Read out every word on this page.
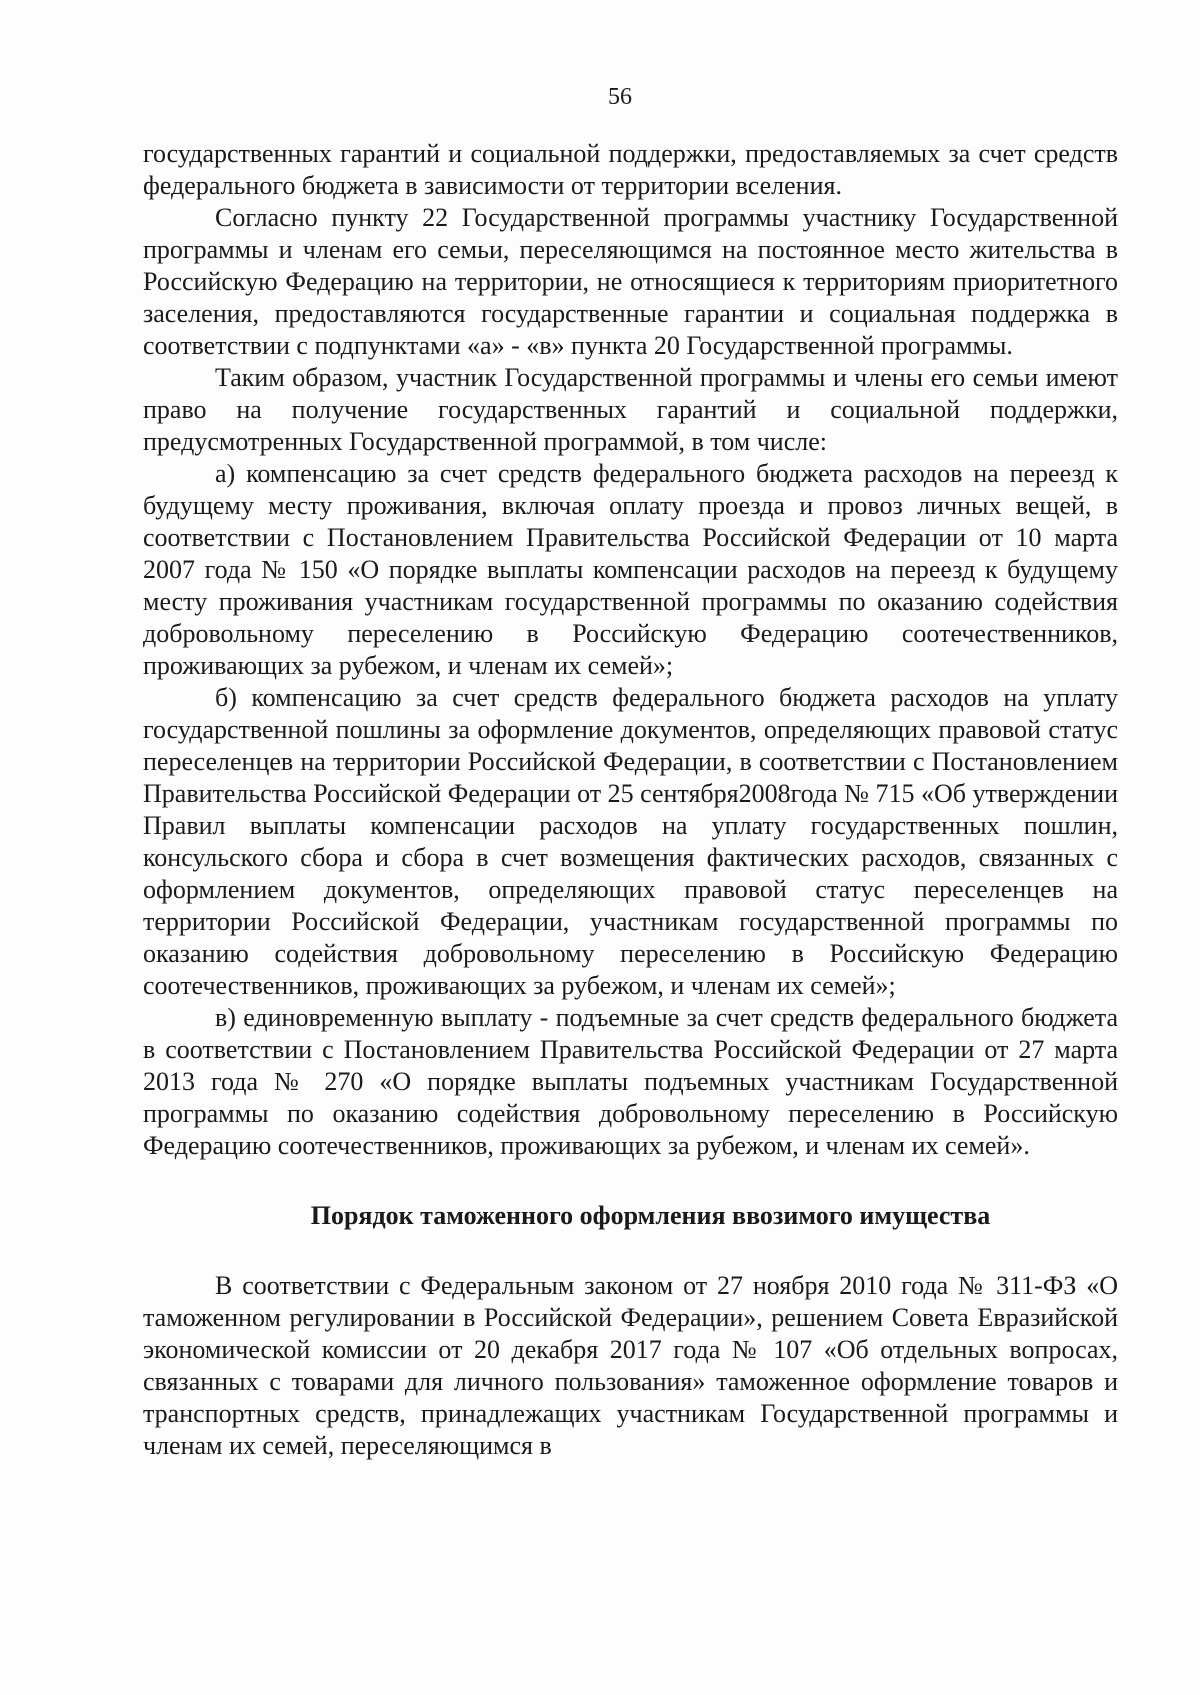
56

государственных гарантий и социальной поддержки, предоставляемых за счет средств федерального бюджета в зависимости от территории вселения.

Согласно пункту 22 Государственной программы участнику Государственной программы и членам его семьи, переселяющимся на постоянное место жительства в Российскую Федерацию на территории, не относящиеся к территориям приоритетного заселения, предоставляются государственные гарантии и социальная поддержка в соответствии с подпунктами «а» - «в» пункта 20 Государственной программы.

Таким образом, участник Государственной программы и члены его семьи имеют право на получение государственных гарантий и социальной поддержки, предусмотренных Государственной программой, в том числе:

а) компенсацию за счет средств федерального бюджета расходов на переезд к будущему месту проживания, включая оплату проезда и провоз личных вещей, в соответствии с Постановлением Правительства Российской Федерации от 10 марта 2007 года № 150 «О порядке выплаты компенсации расходов на переезд к будущему месту проживания участникам государственной программы по оказанию содействия добровольному переселению в Российскую Федерацию соотечественников, проживающих за рубежом, и членам их семей»;

б) компенсацию за счет средств федерального бюджета расходов на уплату государственной пошлины за оформление документов, определяющих правовой статус переселенцев на территории Российской Федерации, в соответствии с Постановлением Правительства Российской Федерации от 25 сентября2008года № 715 «Об утверждении Правил выплаты компенсации расходов на уплату государственных пошлин, консульского сбора и сбора в счет возмещения фактических расходов, связанных с оформлением документов, определяющих правовой статус переселенцев на территории Российской Федерации, участникам государственной программы по оказанию содействия добровольному переселению в Российскую Федерацию соотечественников, проживающих за рубежом, и членам их семей»;

в) единовременную выплату - подъемные за счет средств федерального бюджета в соответствии с Постановлением Правительства Российской Федерации от 27 марта 2013 года № 270 «О порядке выплаты подъемных участникам Государственной программы по оказанию содействия добровольному переселению в Российскую Федерацию соотечественников, проживающих за рубежом, и членам их семей».

Порядок таможенного оформления ввозимого имущества

В соответствии с Федеральным законом от 27 ноября 2010 года № 311-ФЗ «О таможенном регулировании в Российской Федерации», решением Совета Евразийской экономической комиссии от 20 декабря 2017 года № 107 «Об отдельных вопросах, связанных с товарами для личного пользования» таможенное оформление товаров и транспортных средств, принадлежащих участникам Государственной программы и членам их семей, переселяющимся в
